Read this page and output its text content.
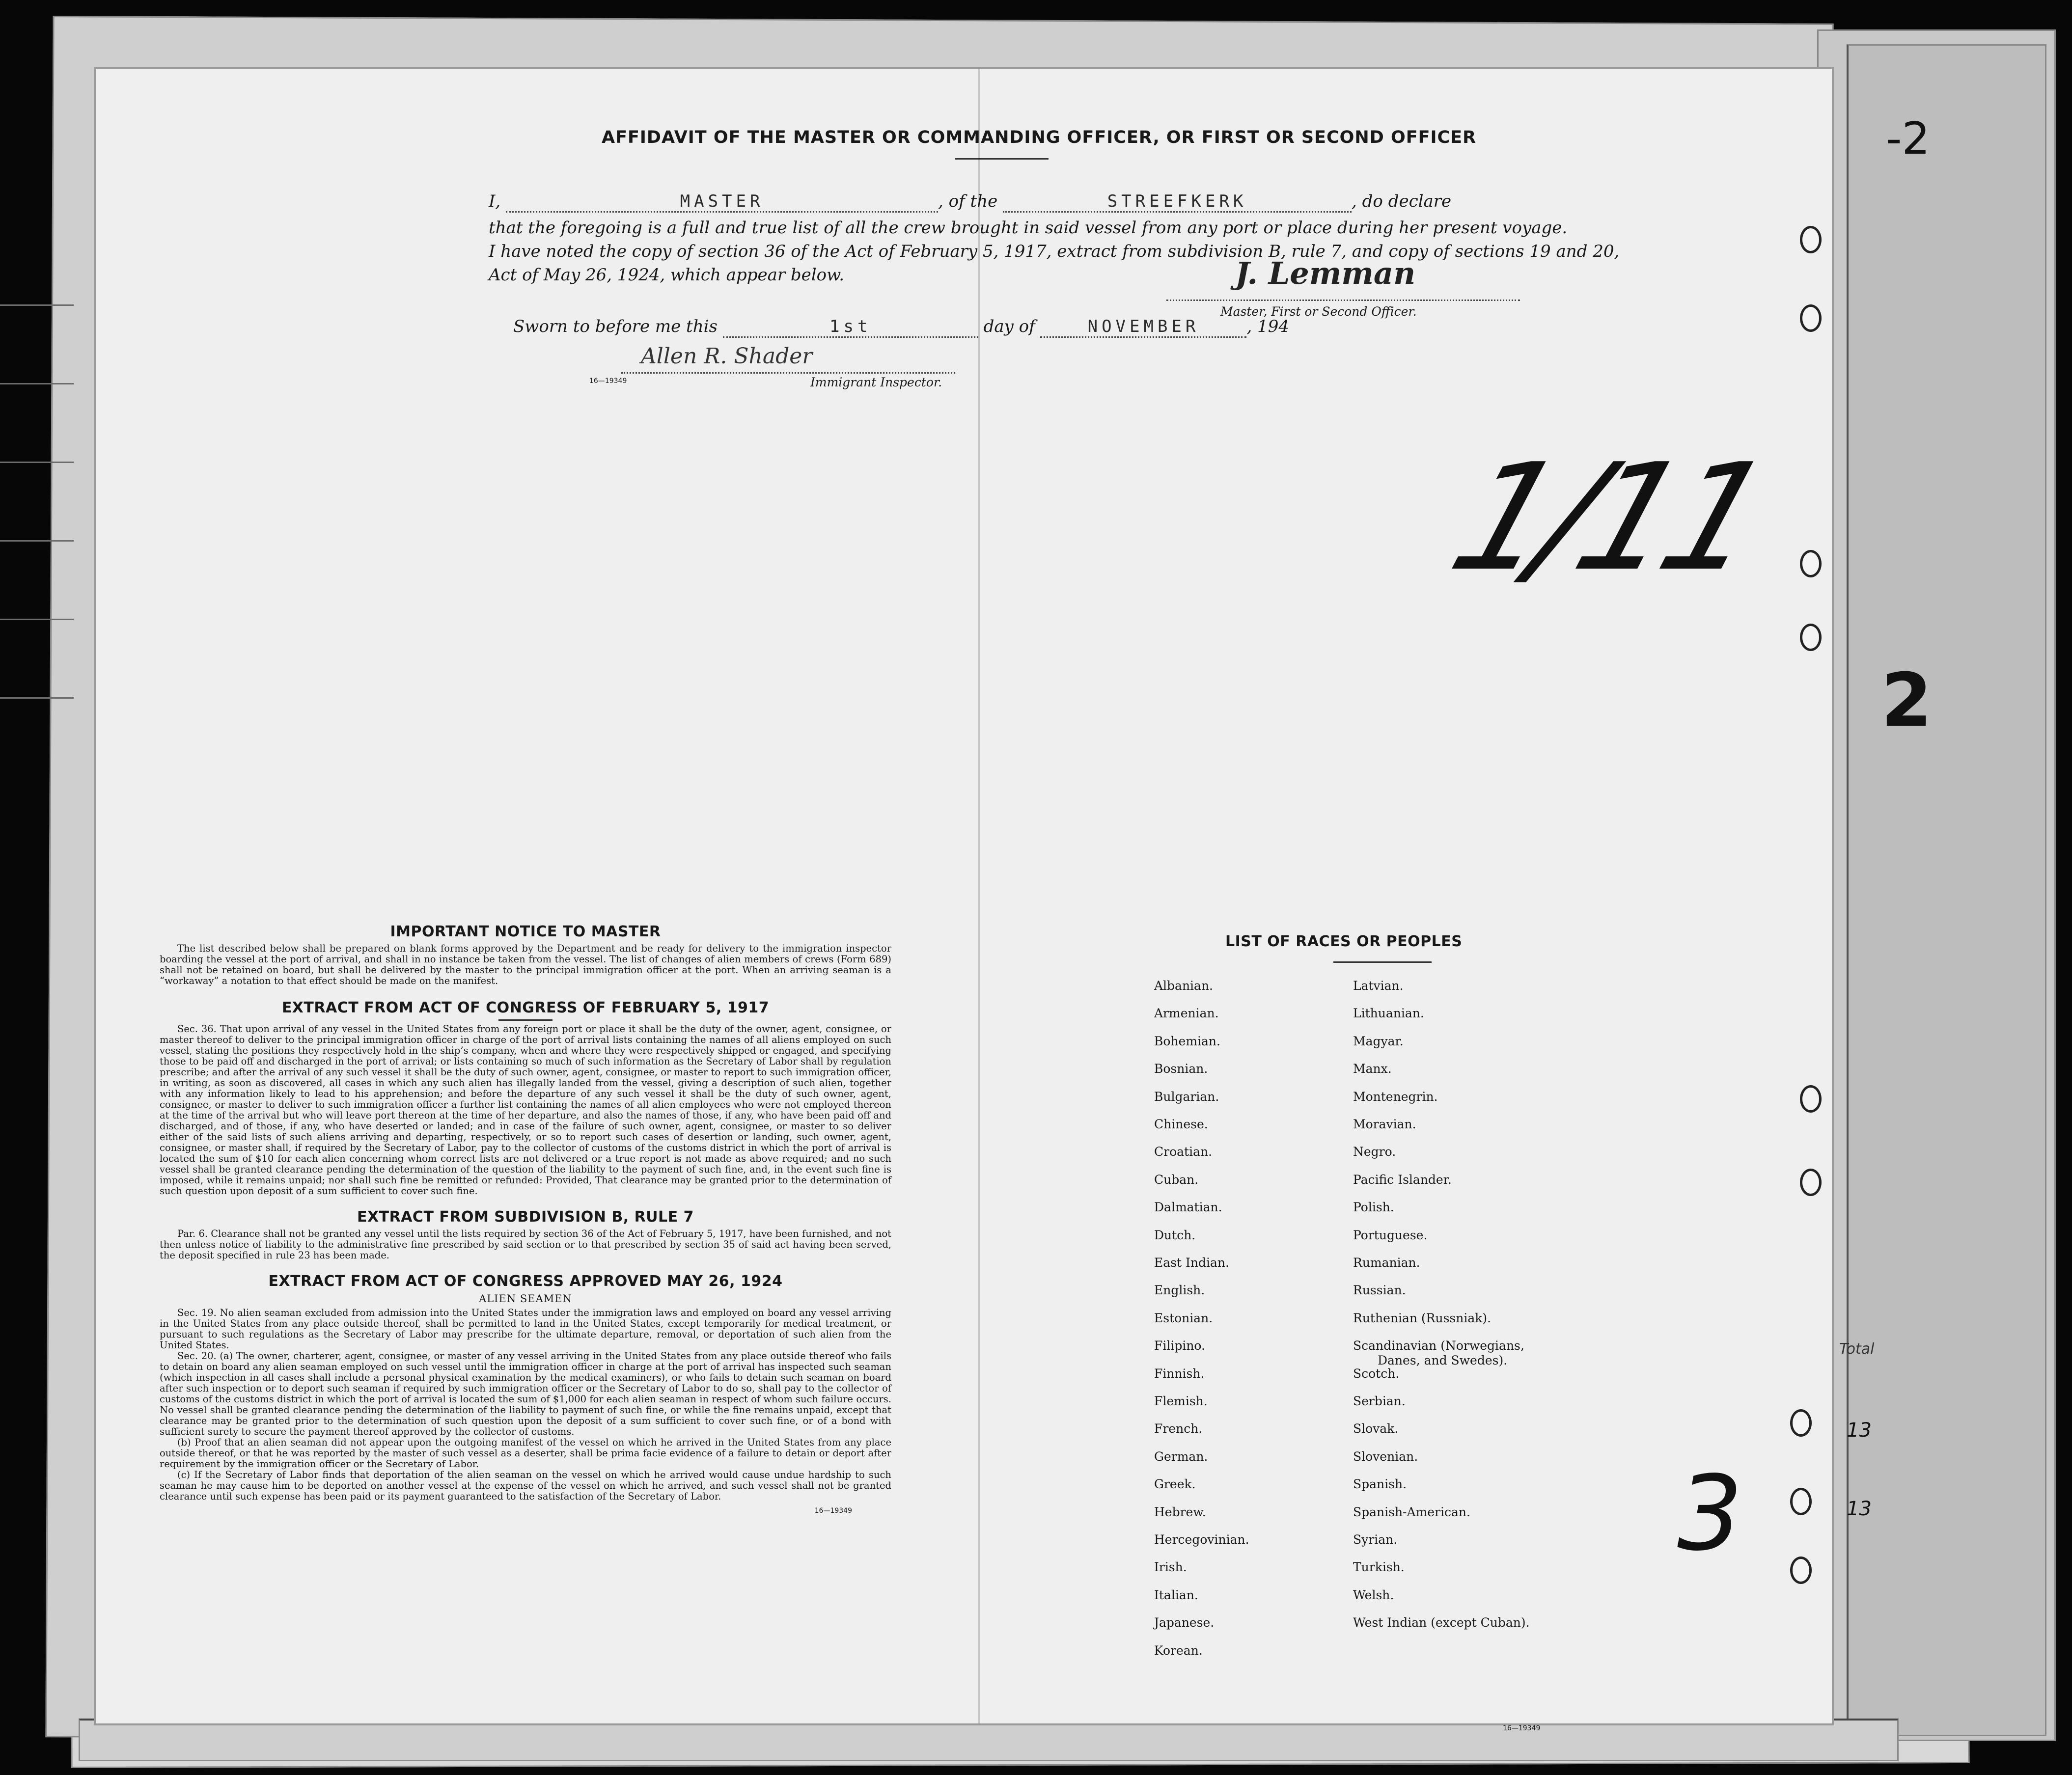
-2
2
Total
13
13
AFFIDAVIT OF THE MASTER OR COMMANDING OFFICER, OR FIRST OR SECOND OFFICER
I,	MASTER	, of the	STREEFKERK	, do declare
that the foregoing is a full and true list of all the crew brought in said vessel from any port or place during her present voyage.
I have noted the copy of section 36 of the Act of February 5, 1917, extract from subdivision B, rule 7, and copy of sections 19 and 20,
Act of May 26, 1924, which appear below.	J. Lemman
Master, First or Second Officer.
Sworn to before me this	1st	day of	NOVEMBER	, 194
Allen R. Shader
16—19349	Immigrant Inspector.
1/11
IMPORTANT NOTICE TO MASTER

The list described below shall be prepared on blank forms approved by the Department and be ready for delivery to the immigration inspector boarding the vessel at the port of arrival, and shall in no instance be taken from the vessel. The list of changes of alien members of crews (Form 689) shall not be retained on board, but shall be delivered by the master to the principal immigration officer at the port. When an arriving seaman is a “workaway” a notation to that effect should be made on the manifest.

EXTRACT FROM ACT OF CONGRESS OF FEBRUARY 5, 1917

Sec. 36. That upon arrival of any vessel in the United States from any foreign port or place it shall be the duty of the owner, agent, consignee, or master thereof to deliver to the principal immigration officer in charge of the port of arrival lists containing the names of all aliens employed on such vessel, stating the positions they respectively hold in the ship’s company, when and where they were respectively shipped or engaged, and specifying those to be paid off and discharged in the port of arrival; or lists containing so much of such information as the Secretary of Labor shall by regulation prescribe; and after the arrival of any such vessel it shall be the duty of such owner, agent, consignee, or master to report to such immigration officer, in writing, as soon as discovered, all cases in which any such alien has illegally landed from the vessel, giving a description of such alien, together with any information likely to lead to his apprehension; and before the departure of any such vessel it shall be the duty of such owner, agent, consignee, or master to deliver to such immigration officer a further list containing the names of all alien employees who were not employed thereon at the time of the arrival but who will leave port thereon at the time of her departure, and also the names of those, if any, who have been paid off and discharged, and of those, if any, who have deserted or landed; and in case of the failure of such owner, agent, consignee, or master to so deliver either of the said lists of such aliens arriving and departing, respectively, or so to report such cases of desertion or landing, such owner, agent, consignee, or master shall, if required by the Secretary of Labor, pay to the collector of customs of the customs district in which the port of arrival is located the sum of $10 for each alien concerning whom correct lists are not delivered or a true report is not made as above required; and no such vessel shall be granted clearance pending the determination of the question of the liability to the payment of such fine, and, in the event such fine is imposed, while it remains unpaid; nor shall such fine be remitted or refunded: Provided, That clearance may be granted prior to the determination of such question upon deposit of a sum sufficient to cover such fine.

EXTRACT FROM SUBDIVISION B, RULE 7

Par. 6. Clearance shall not be granted any vessel until the lists required by section 36 of the Act of February 5, 1917, have been furnished, and not then unless notice of liability to the administrative fine prescribed by said section or to that prescribed by section 35 of said act having been served, the deposit specified in rule 23 has been made.

EXTRACT FROM ACT OF CONGRESS APPROVED MAY 26, 1924
ALIEN SEAMEN

Sec. 19. No alien seaman excluded from admission into the United States under the immigration laws and employed on board any vessel arriving in the United States from any place outside thereof, shall be permitted to land in the United States, except temporarily for medical treatment, or pursuant to such regulations as the Secretary of Labor may prescribe for the ultimate departure, removal, or deportation of such alien from the United States.

Sec. 20. (a) The owner, charterer, agent, consignee, or master of any vessel arriving in the United States from any place outside thereof who fails to detain on board any alien seaman employed on such vessel until the immigration officer in charge at the port of arrival has inspected such seaman (which inspection in all cases shall include a personal physical examination by the medical examiners), or who fails to detain such seaman on board after such inspection or to deport such seaman if required by such immigration officer or the Secretary of Labor to do so, shall pay to the collector of customs of the customs district in which the port of arrival is located the sum of $1,000 for each alien seaman in respect of whom such failure occurs. No vessel shall be granted clearance pending the determination of the liability to payment of such fine, or while the fine remains unpaid, except that clearance may be granted prior to the determination of such question upon the deposit of a sum sufficient to cover such fine, or of a bond with sufficient surety to secure the payment thereof approved by the collector of customs.

(b) Proof that an alien seaman did not appear upon the outgoing manifest of the vessel on which he arrived in the United States from any place outside thereof, or that he was reported by the master of such vessel as a deserter, shall be prima facie evidence of a failure to detain or deport after requirement by the immigration officer or the Secretary of Labor.

(c) If the Secretary of Labor finds that deportation of the alien seaman on the vessel on which he arrived would cause undue hardship to such seaman he may cause him to be deported on another vessel at the expense of the vessel on which he arrived, and such vessel shall not be granted clearance until such expense has been paid or its payment guaranteed to the satisfaction of the Secretary of Labor.

16—19349
LIST OF RACES OR PEOPLES
Albanian.
Armenian.
Bohemian.
Bosnian.
Bulgarian.
Chinese.
Croatian.
Cuban.
Dalmatian.
Dutch.
East Indian.
English.
Estonian.
Filipino.
Finnish.
Flemish.
French.
German.
Greek.
Hebrew.
Hercegovinian.
Irish.
Italian.
Japanese.
Korean.
Latvian.
Lithuanian.
Magyar.
Manx.
Montenegrin.
Moravian.
Negro.
Pacific Islander.
Polish.
Portuguese.
Rumanian.
Russian.
Ruthenian (Russniak).
Scandinavian (Norwegians,
Danes, and Swedes).
Scotch.
Serbian.
Slovak.
Slovenian.
Spanish.
Spanish-American.
Syrian.
Turkish.
Welsh.
West Indian (except Cuban).
16—19349
3
